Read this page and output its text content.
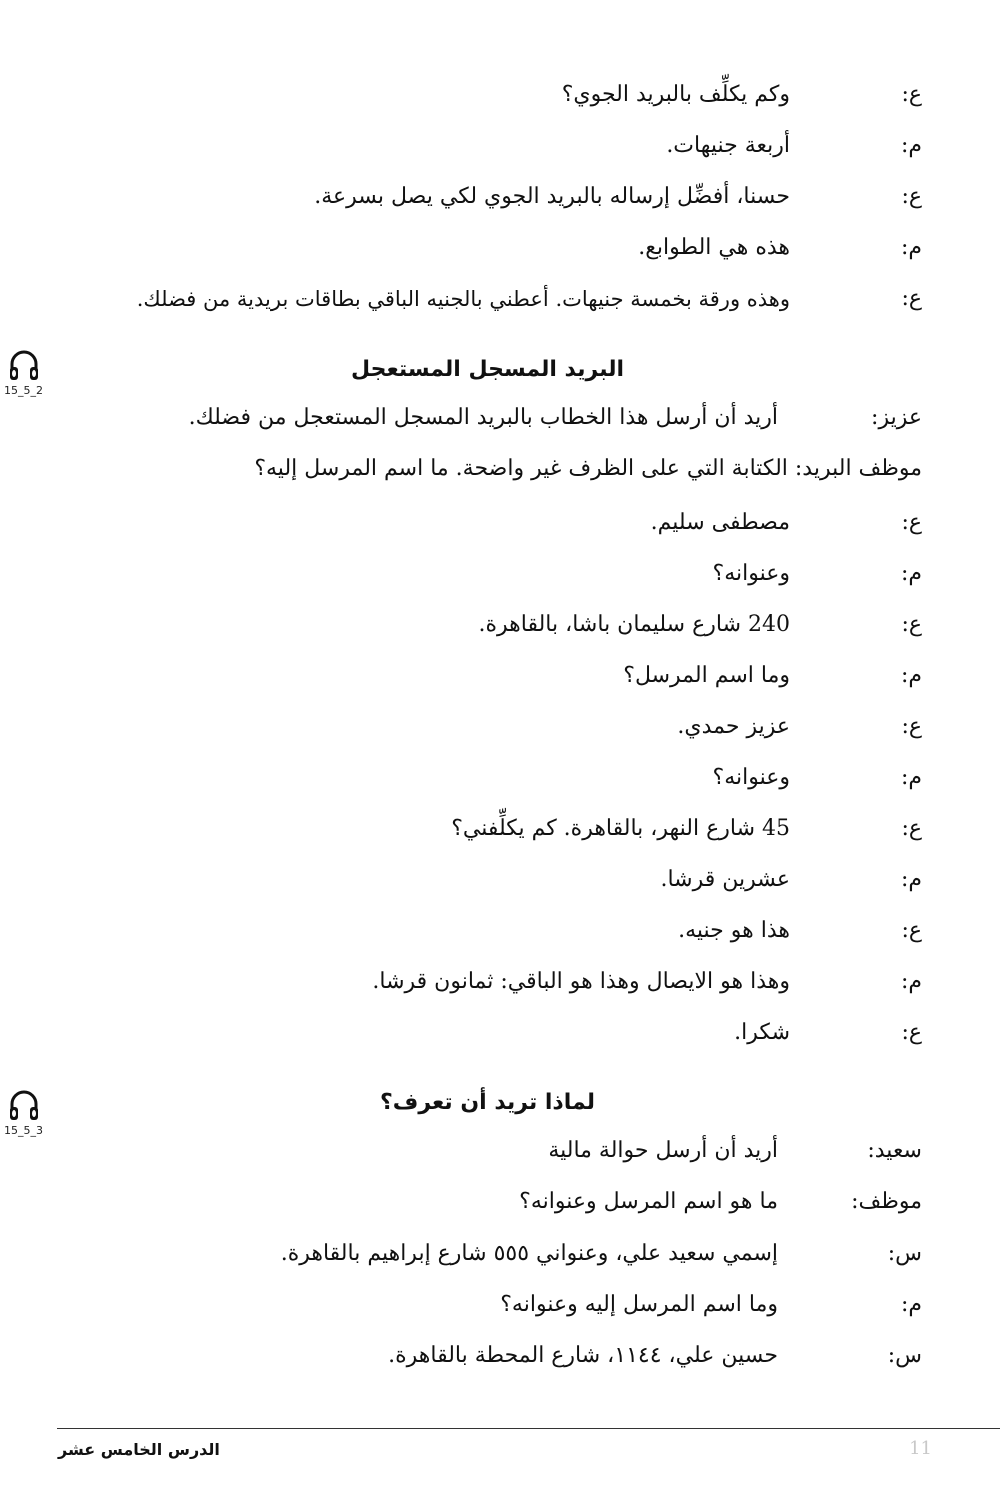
ع:
وكم يكلِّف بالبريد الجوي؟
م:
أربعة جنيهات.
ع:
حسنا، أفضِّل إرساله بالبريد الجوي لكي يصل بسرعة.
م:
هذه هي الطوابع.
ع:
وهذه ورقة بخمسة جنيهات. أعطني بالجنيه الباقي بطاقات بريدية من فضلك.
15_5_2
البريد المسجل المستعجل
عزيز:
أريد أن أرسل هذا الخطاب بالبريد المسجل المستعجل من فضلك.
موظف البريد: الكتابة التي على الظرف غير واضحة. ما اسم المرسل إليه؟
ع:
مصطفى سليم.
م:
وعنوانه؟
ع:
240 شارع سليمان باشا، بالقاهرة.
م:
وما اسم المرسل؟
ع:
عزيز حمدي.
م:
وعنوانه؟
ع:
45 شارع النهر، بالقاهرة. كم يكلِّفني؟
م:
عشرين قرشا.
ع:
هذا هو جنيه.
م:
وهذا هو الايصال وهذا هو الباقي: ثمانون قرشا.
ع:
شكرا.
15_5_3
لماذا تريد أن تعرف؟
سعيد:
أريد أن أرسل حوالة مالية
موظف:
ما هو اسم المرسل وعنوانه؟
س:
إسمي سعيد علي، وعنواني ٥٥٥ شارع إبراهيم بالقاهرة.
م:
وما اسم المرسل إليه وعنوانه؟
س:
حسين علي، ١١٤٤، شارع المحطة بالقاهرة.
الدرس الخامس عشر	11
